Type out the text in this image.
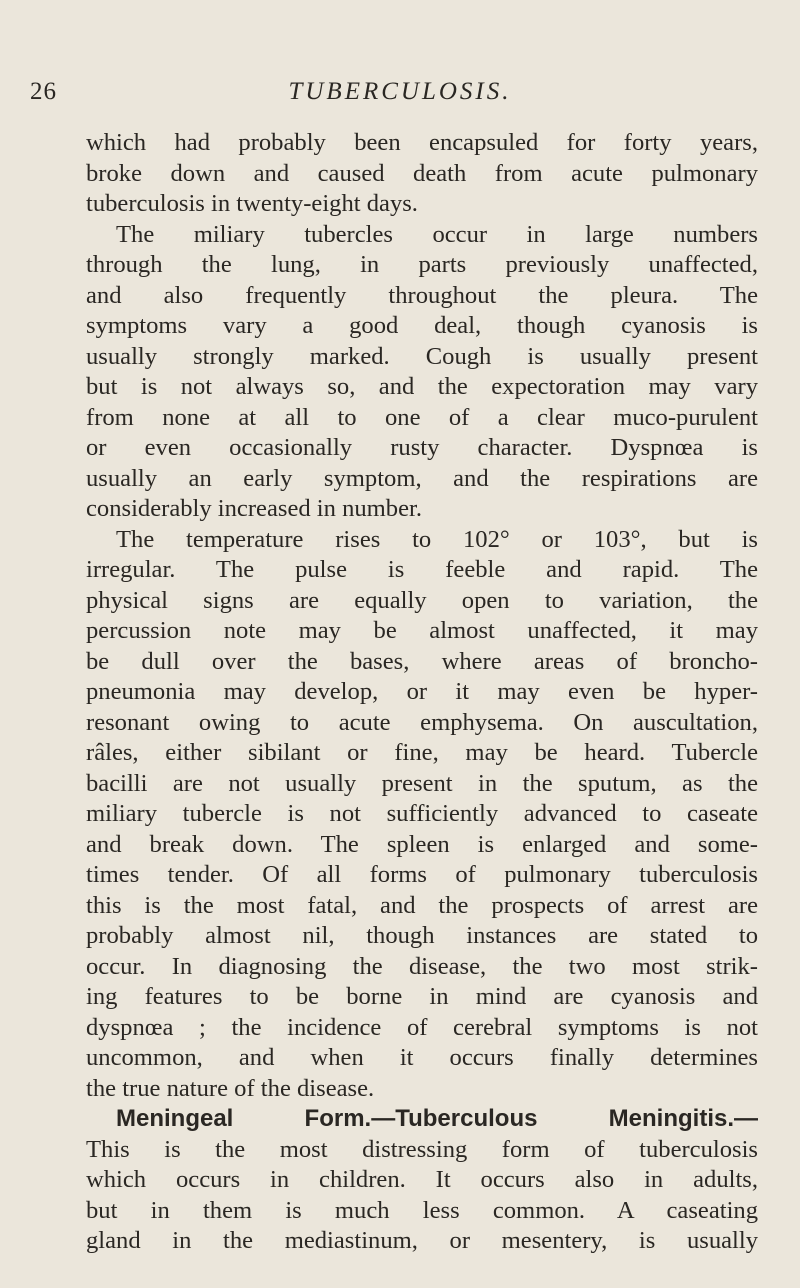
26	TUBERCULOSIS.
which had probably been encapsuled for forty years,
broke down and caused death from acute pulmonary
tuberculosis in twenty-eight days.
The miliary tubercles occur in large numbers
through the lung, in parts previously unaffected,
and also frequently throughout the pleura. The
symptoms vary a good deal, though cyanosis is
usually strongly marked. Cough is usually present
but is not always so, and the expectoration may vary
from none at all to one of a clear muco-purulent
or even occasionally rusty character. Dyspnœa is
usually an early symptom, and the respirations are
considerably increased in number.
The temperature rises to 102° or 103°, but is
irregular. The pulse is feeble and rapid. The
physical signs are equally open to variation, the
percussion note may be almost unaffected, it may
be dull over the bases, where areas of broncho-
pneumonia may develop, or it may even be hyper-
resonant owing to acute emphysema. On auscultation,
râles, either sibilant or fine, may be heard. Tubercle
bacilli are not usually present in the sputum, as the
miliary tubercle is not sufficiently advanced to caseate
and break down. The spleen is enlarged and some-
times tender. Of all forms of pulmonary tuberculosis
this is the most fatal, and the prospects of arrest are
probably almost nil, though instances are stated to
occur. In diagnosing the disease, the two most strik-
ing features to be borne in mind are cyanosis and
dyspnœa ; the incidence of cerebral symptoms is not
uncommon, and when it occurs finally determines
the true nature of the disease.
Meningeal Form.—Tuberculous Meningitis.—
This is the most distressing form of tuberculosis
which occurs in children. It occurs also in adults,
but in them is much less common. A caseating
gland in the mediastinum, or mesentery, is usually
